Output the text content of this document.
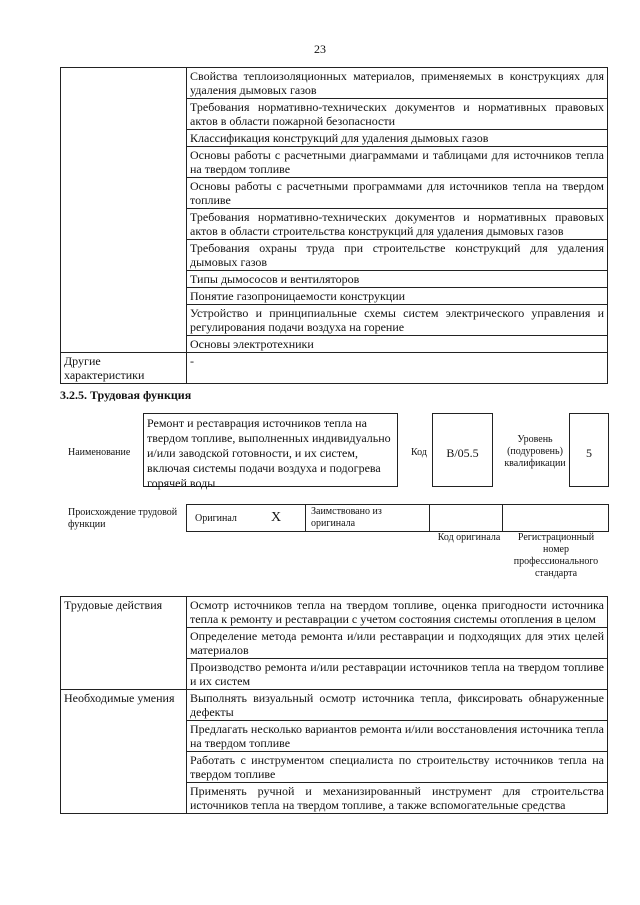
23
	Свойства теплоизоляционных материалов, применяемых в конструкциях для удаления дымовых газов
	Требования нормативно-технических документов и нормативных правовых актов в области пожарной безопасности
	Классификация конструкций для удаления дымовых газов
	Основы работы с расчетными диаграммами и таблицами для источников тепла на твердом топливе
	Основы работы с расчетными программами для источников тепла на твердом топливе
	Требования нормативно-технических документов и нормативных правовых актов в области строительства конструкций для удаления дымовых газов
	Требования охраны труда при строительстве конструкций для удаления дымовых газов
	Типы дымососов и вентиляторов
	Понятие газопроницаемости конструкции
	Устройство и принципиальные схемы систем электрического управления и регулирования подачи воздуха на горение
	Основы электротехники
Другие характеристики	-
3.2.5. Трудовая функция
Наименование
Ремонт и реставрация источников тепла на твердом топливе, выполненных индивидуально и/или заводской готовности, и их систем, включая системы подачи воздуха и подогрева горячей воды
Код	B/05.5
Уровень (подуровень) квалификации
5
Происхождение трудовой функции
Оригинал X	Заимствовано из оригинала
Код оригинала	Регистрационный номер профессионального стандарта
Трудовые действия	Осмотр источников тепла на твердом топливе, оценка пригодности источника тепла к ремонту и реставрации с учетом состояния системы отопления в целом
	Определение метода ремонта и/или реставрации и подходящих для этих целей материалов
	Производство ремонта и/или реставрации источников тепла на твердом топливе и их систем
Необходимые умения	Выполнять визуальный осмотр источника тепла, фиксировать обнаруженные дефекты
	Предлагать несколько вариантов ремонта и/или восстановления источника тепла на твердом топливе
	Работать с инструментом специалиста по строительству источников тепла на твердом топливе
	Применять ручной и механизированный инструмент для строительства источников тепла на твердом топливе, а также вспомогательные средства
